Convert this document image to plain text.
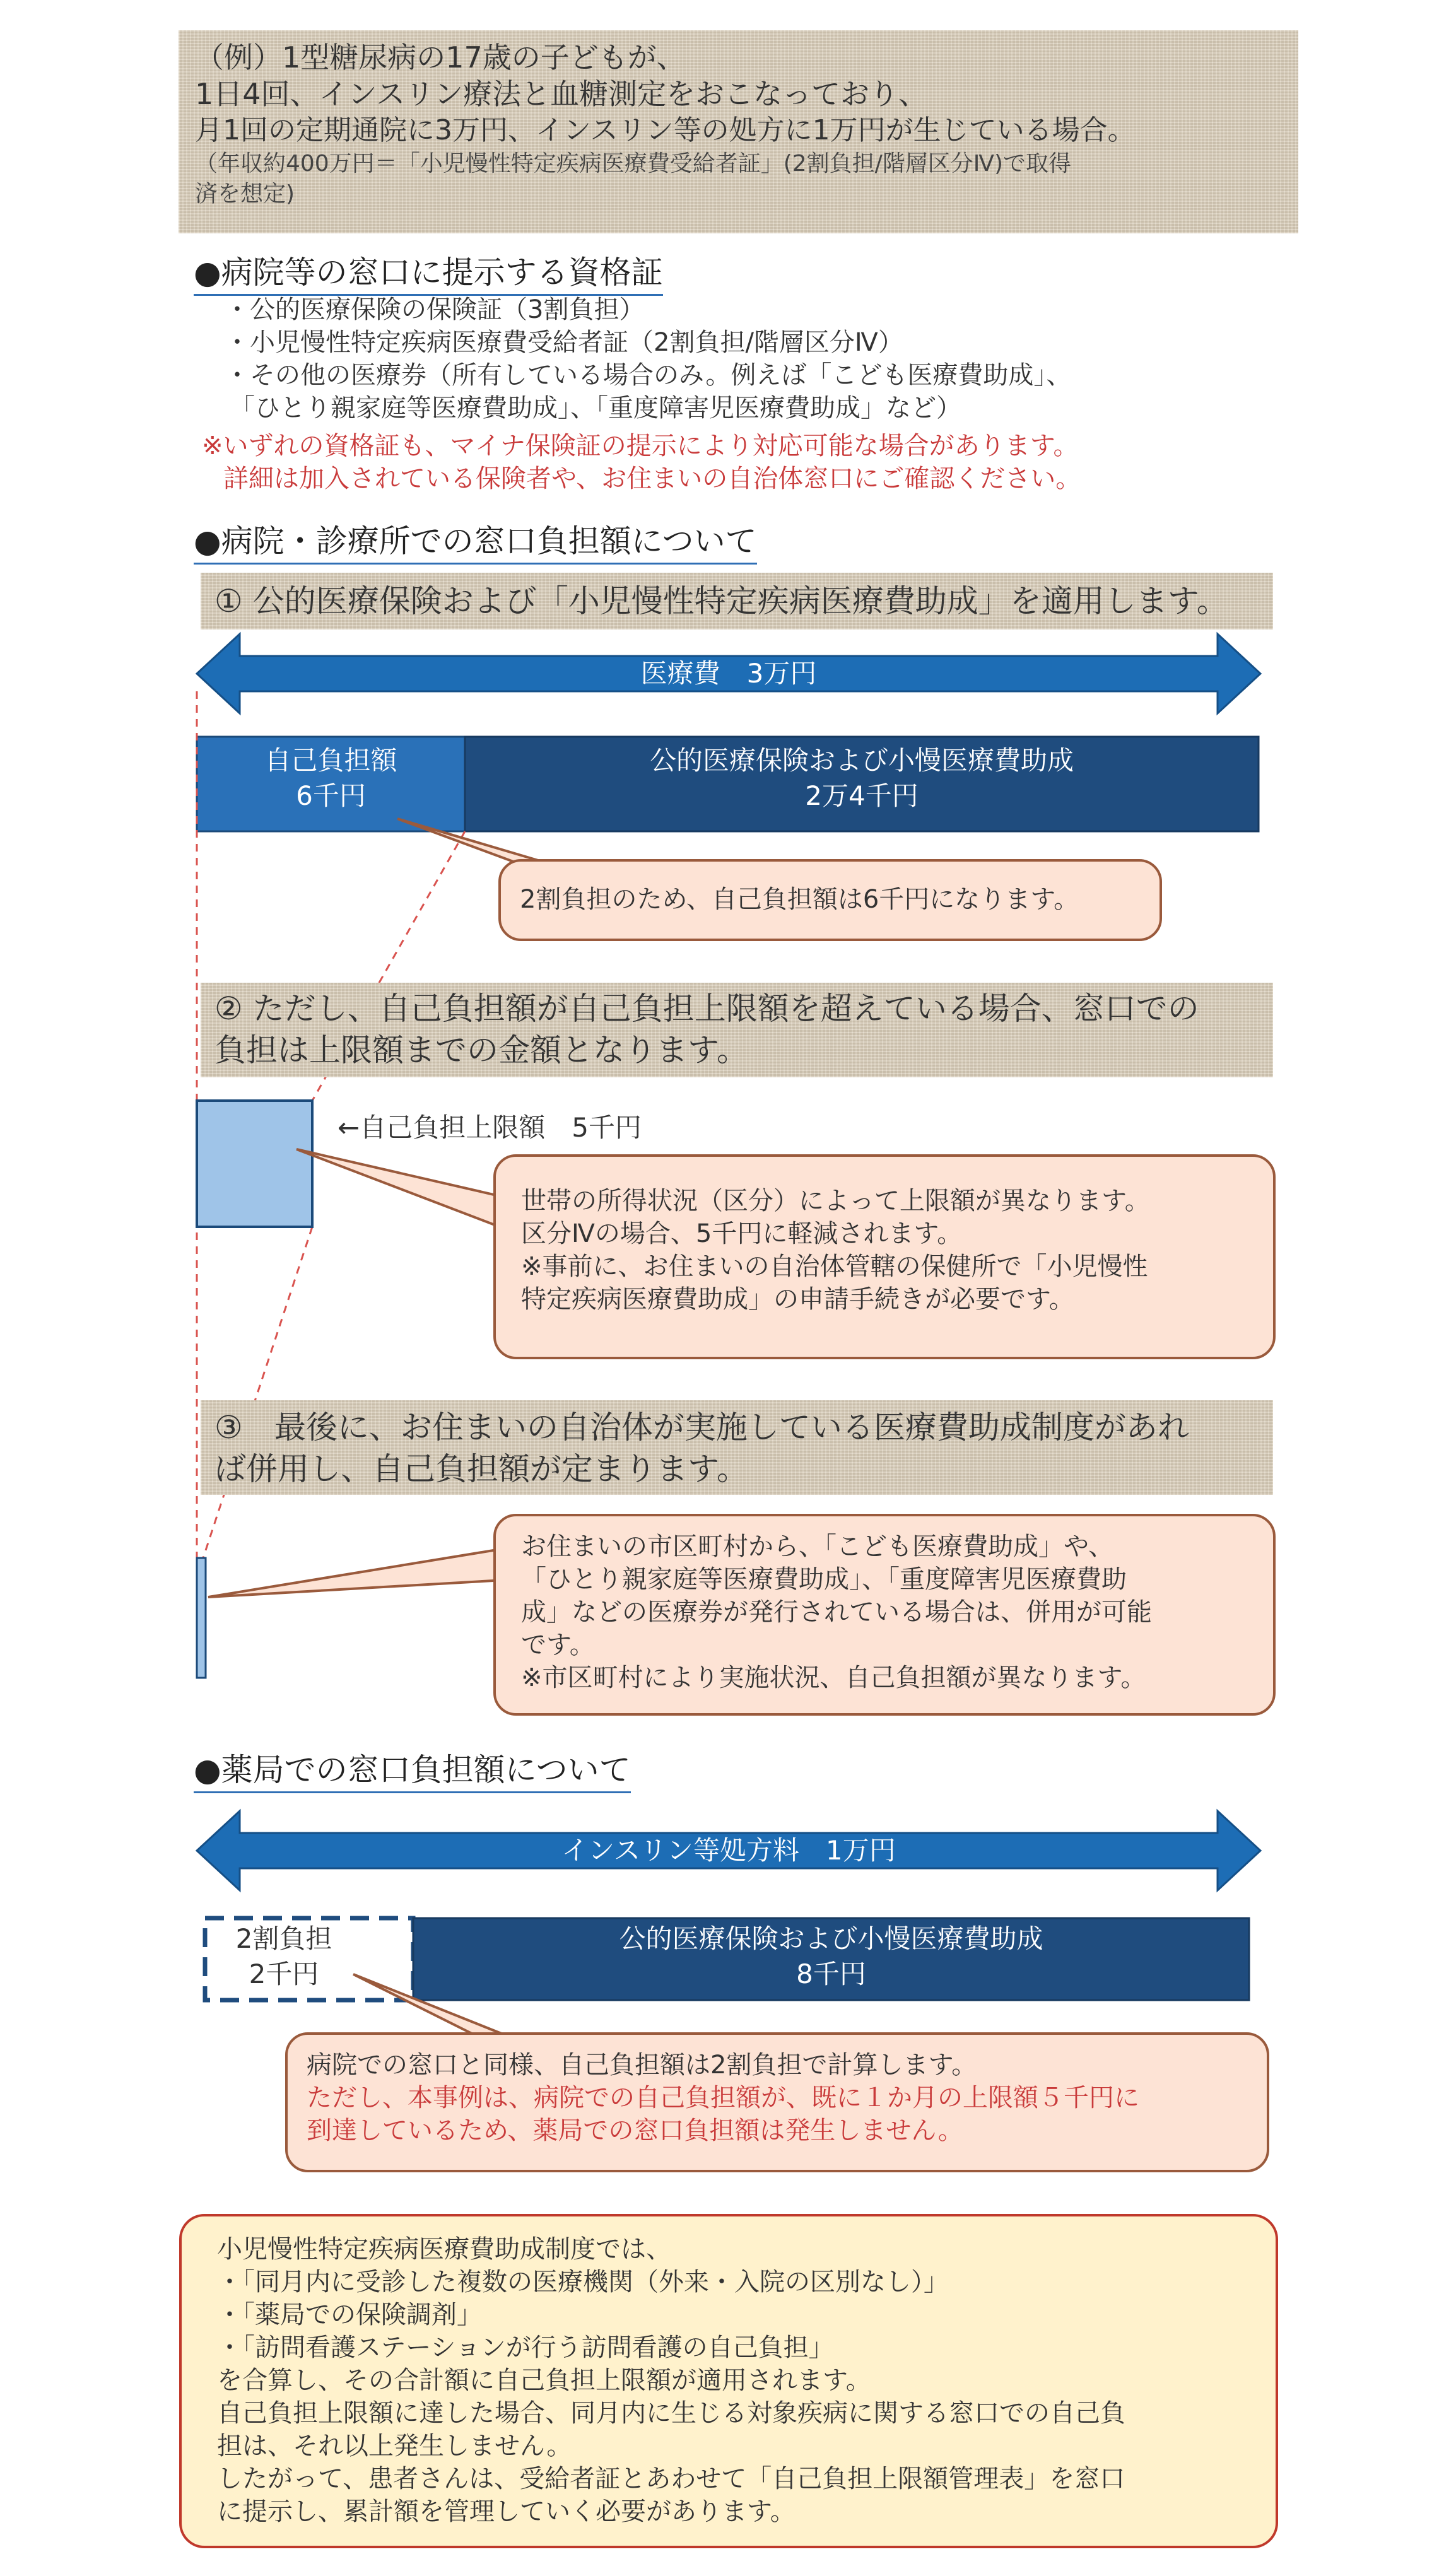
（例）1型糖尿病の17歳の子どもが、
1日4回、インスリン療法と血糖測定をおこなっており、
月1回の定期通院に3万円、インスリン等の処方に1万円が生じている場合。
（年収約400万円＝「小児慢性特定疾病医療費受給者証」(2割負担/階層区分Ⅳ)で取得
済を想定)
●病院等の窓口に提示する資格証
・公的医療保険の保険証（3割負担）
・小児慢性特定疾病医療費受給者証（2割負担/階層区分Ⅳ）
・その他の医療券（所有している場合のみ。例えば「こども医療費助成」、
「ひとり親家庭等医療費助成」、「重度障害児医療費助成」など）
※いずれの資格証も、マイナ保険証の提示により対応可能な場合があります。
詳細は加入されている保険者や、お住まいの自治体窓口にご確認ください。
●病院・診療所での窓口負担額について
① 公的医療保険および「小児慢性特定疾病医療費助成」を適用します。
医療費　3万円
自己負担額
6千円
公的医療保険および小慢医療費助成
2万4千円
2割負担のため、自己負担額は6千円になります。
② ただし、自己負担額が自己負担上限額を超えている場合、窓口での
負担は上限額までの金額となります。
←自己負担上限額　5千円
世帯の所得状況（区分）によって上限額が異なります。
区分Ⅳの場合、5千円に軽減されます。
※事前に、お住まいの自治体管轄の保健所で「小児慢性
特定疾病医療費助成」の申請手続きが必要です。
③　最後に、お住まいの自治体が実施している医療費助成制度があれ
ば併用し、自己負担額が定まります。
お住まいの市区町村から、「こども医療費助成」や、
「ひとり親家庭等医療費助成」、「重度障害児医療費助
成」などの医療券が発行されている場合は、併用が可能
です。
※市区町村により実施状況、自己負担額が異なります。
●薬局での窓口負担額について
インスリン等処方料　1万円
2割負担
2千円
公的医療保険および小慢医療費助成
8千円
病院での窓口と同様、自己負担額は2割負担で計算します。
ただし、本事例は、病院での自己負担額が、既に１か月の上限額５千円に
到達しているため、薬局での窓口負担額は発生しません。
小児慢性特定疾病医療費助成制度では、
・「同月内に受診した複数の医療機関（外来・入院の区別なし）」
・「薬局での保険調剤」
・「訪問看護ステーションが行う訪問看護の自己負担」
を合算し、その合計額に自己負担上限額が適用されます。
自己負担上限額に達した場合、同月内に生じる対象疾病に関する窓口での自己負
担は、それ以上発生しません。
したがって、患者さんは、受給者証とあわせて「自己負担上限額管理表」を窓口
に提示し、累計額を管理していく必要があります。
